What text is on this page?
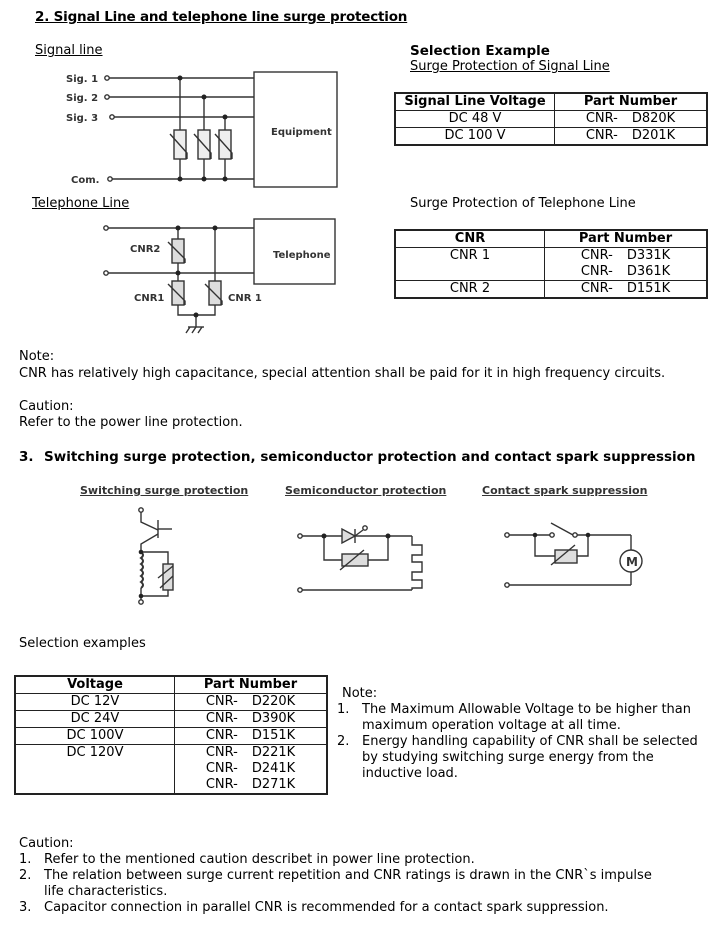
2. Signal Line and telephone line surge protection
Signal line
Sig. 1
Sig. 2
Sig. 3
Com.
Equipment
Selection Example
Surge Protection of Signal Line
Signal Line Voltage	Part Number
DC 48 V	CNR- D820K
DC 100 V	CNR- D201K
Telephone Line
CNR2
CNR1	CNR 1
Telephone
Surge Protection of Telephone Line
CNR	Part Number
CNR 1	CNR- D331K
CNR- D361K
CNR 2	CNR- D151K
Note:
CNR has relatively high capacitance, special attention shall be paid for it in high frequency circuits.
Caution:
Refer to the power line protection.
3. Switching surge protection, semiconductor protection and contact spark suppression
Switching surge protection	Semiconductor protection	Contact spark suppression
M
Selection examples
Voltage	Part Number
DC 12V	CNR- D220K
DC 24V	CNR- D390K
DC 100V	CNR- D151K
DC 120V	CNR- D221K
CNR- D241K
CNR- D271K
Note:
1. The Maximum Allowable Voltage to be higher than maximum operation voltage at all time.
2. Energy handling capability of CNR shall be selected by studying switching surge energy from the inductive load.
Caution:
1. Refer to the mentioned caution describet in power line protection.
2. The relation between surge current repetition and CNR ratings is drawn in the CNR`s impulse life characteristics.
3. Capacitor connection in parallel CNR is recommended for a contact spark suppression.
